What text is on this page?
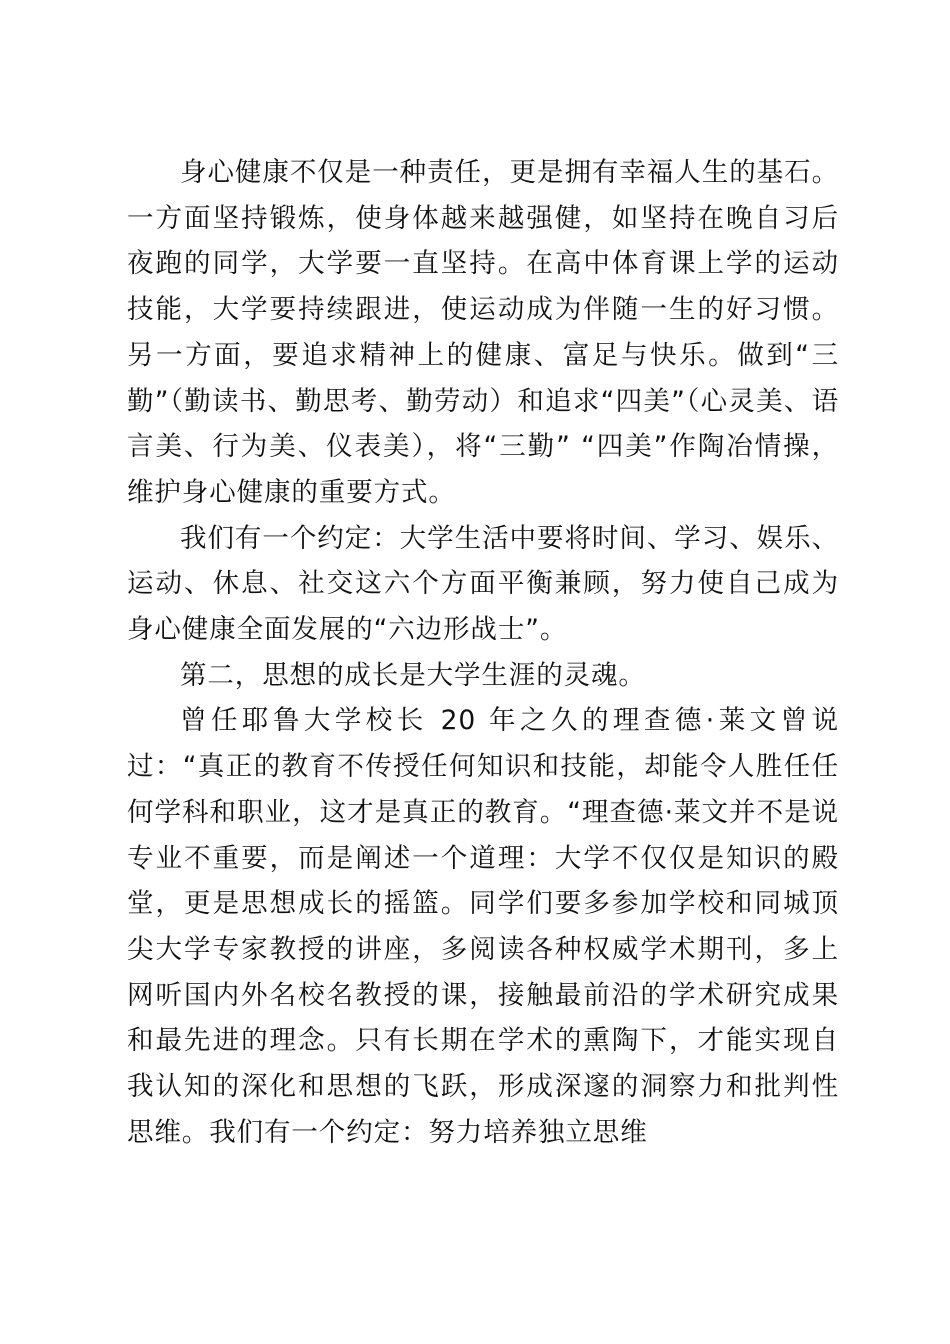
身心健康不仅是一种责任，更是拥有幸福人生的基石。一方面坚持锻炼，使身体越来越强健，如坚持在晚自习后夜跑的同学，大学要一直坚持。在高中体育课上学的运动技能，大学要持续跟进，使运动成为伴随一生的好习惯。另一方面，要追求精神上的健康、富足与快乐。做到“三勤”（勤读书、勤思考、勤劳动）和追求“四美”（心灵美、语言美、行为美、仪表美），将“三勤” “四美”作陶冶情操，维护身心健康的重要方式。

我们有一个约定：大学生活中要将时间、学习、娱乐、运动、休息、社交这六个方面平衡兼顾，努力使自己成为身心健康全面发展的“六边形战士”。

第二，思想的成长是大学生涯的灵魂。

曾任耶鲁大学校长 20 年之久的理查德·莱文曾说过：“真正的教育不传授任何知识和技能，却能令人胜任任何学科和职业，这才是真正的教育。“理查德·莱文并不是说专业不重要，而是阐述一个道理：大学不仅仅是知识的殿堂，更是思想成长的摇篮。同学们要多参加学校和同城顶尖大学专家教授的讲座，多阅读各种权威学术期刊，多上网听国内外名校名教授的课，接触最前沿的学术研究成果和最先进的理念。只有长期在学术的熏陶下，才能实现自我认知的深化和思想的飞跃，形成深邃的洞察力和批判性思维。我们有一个约定：努力培养独立思维
